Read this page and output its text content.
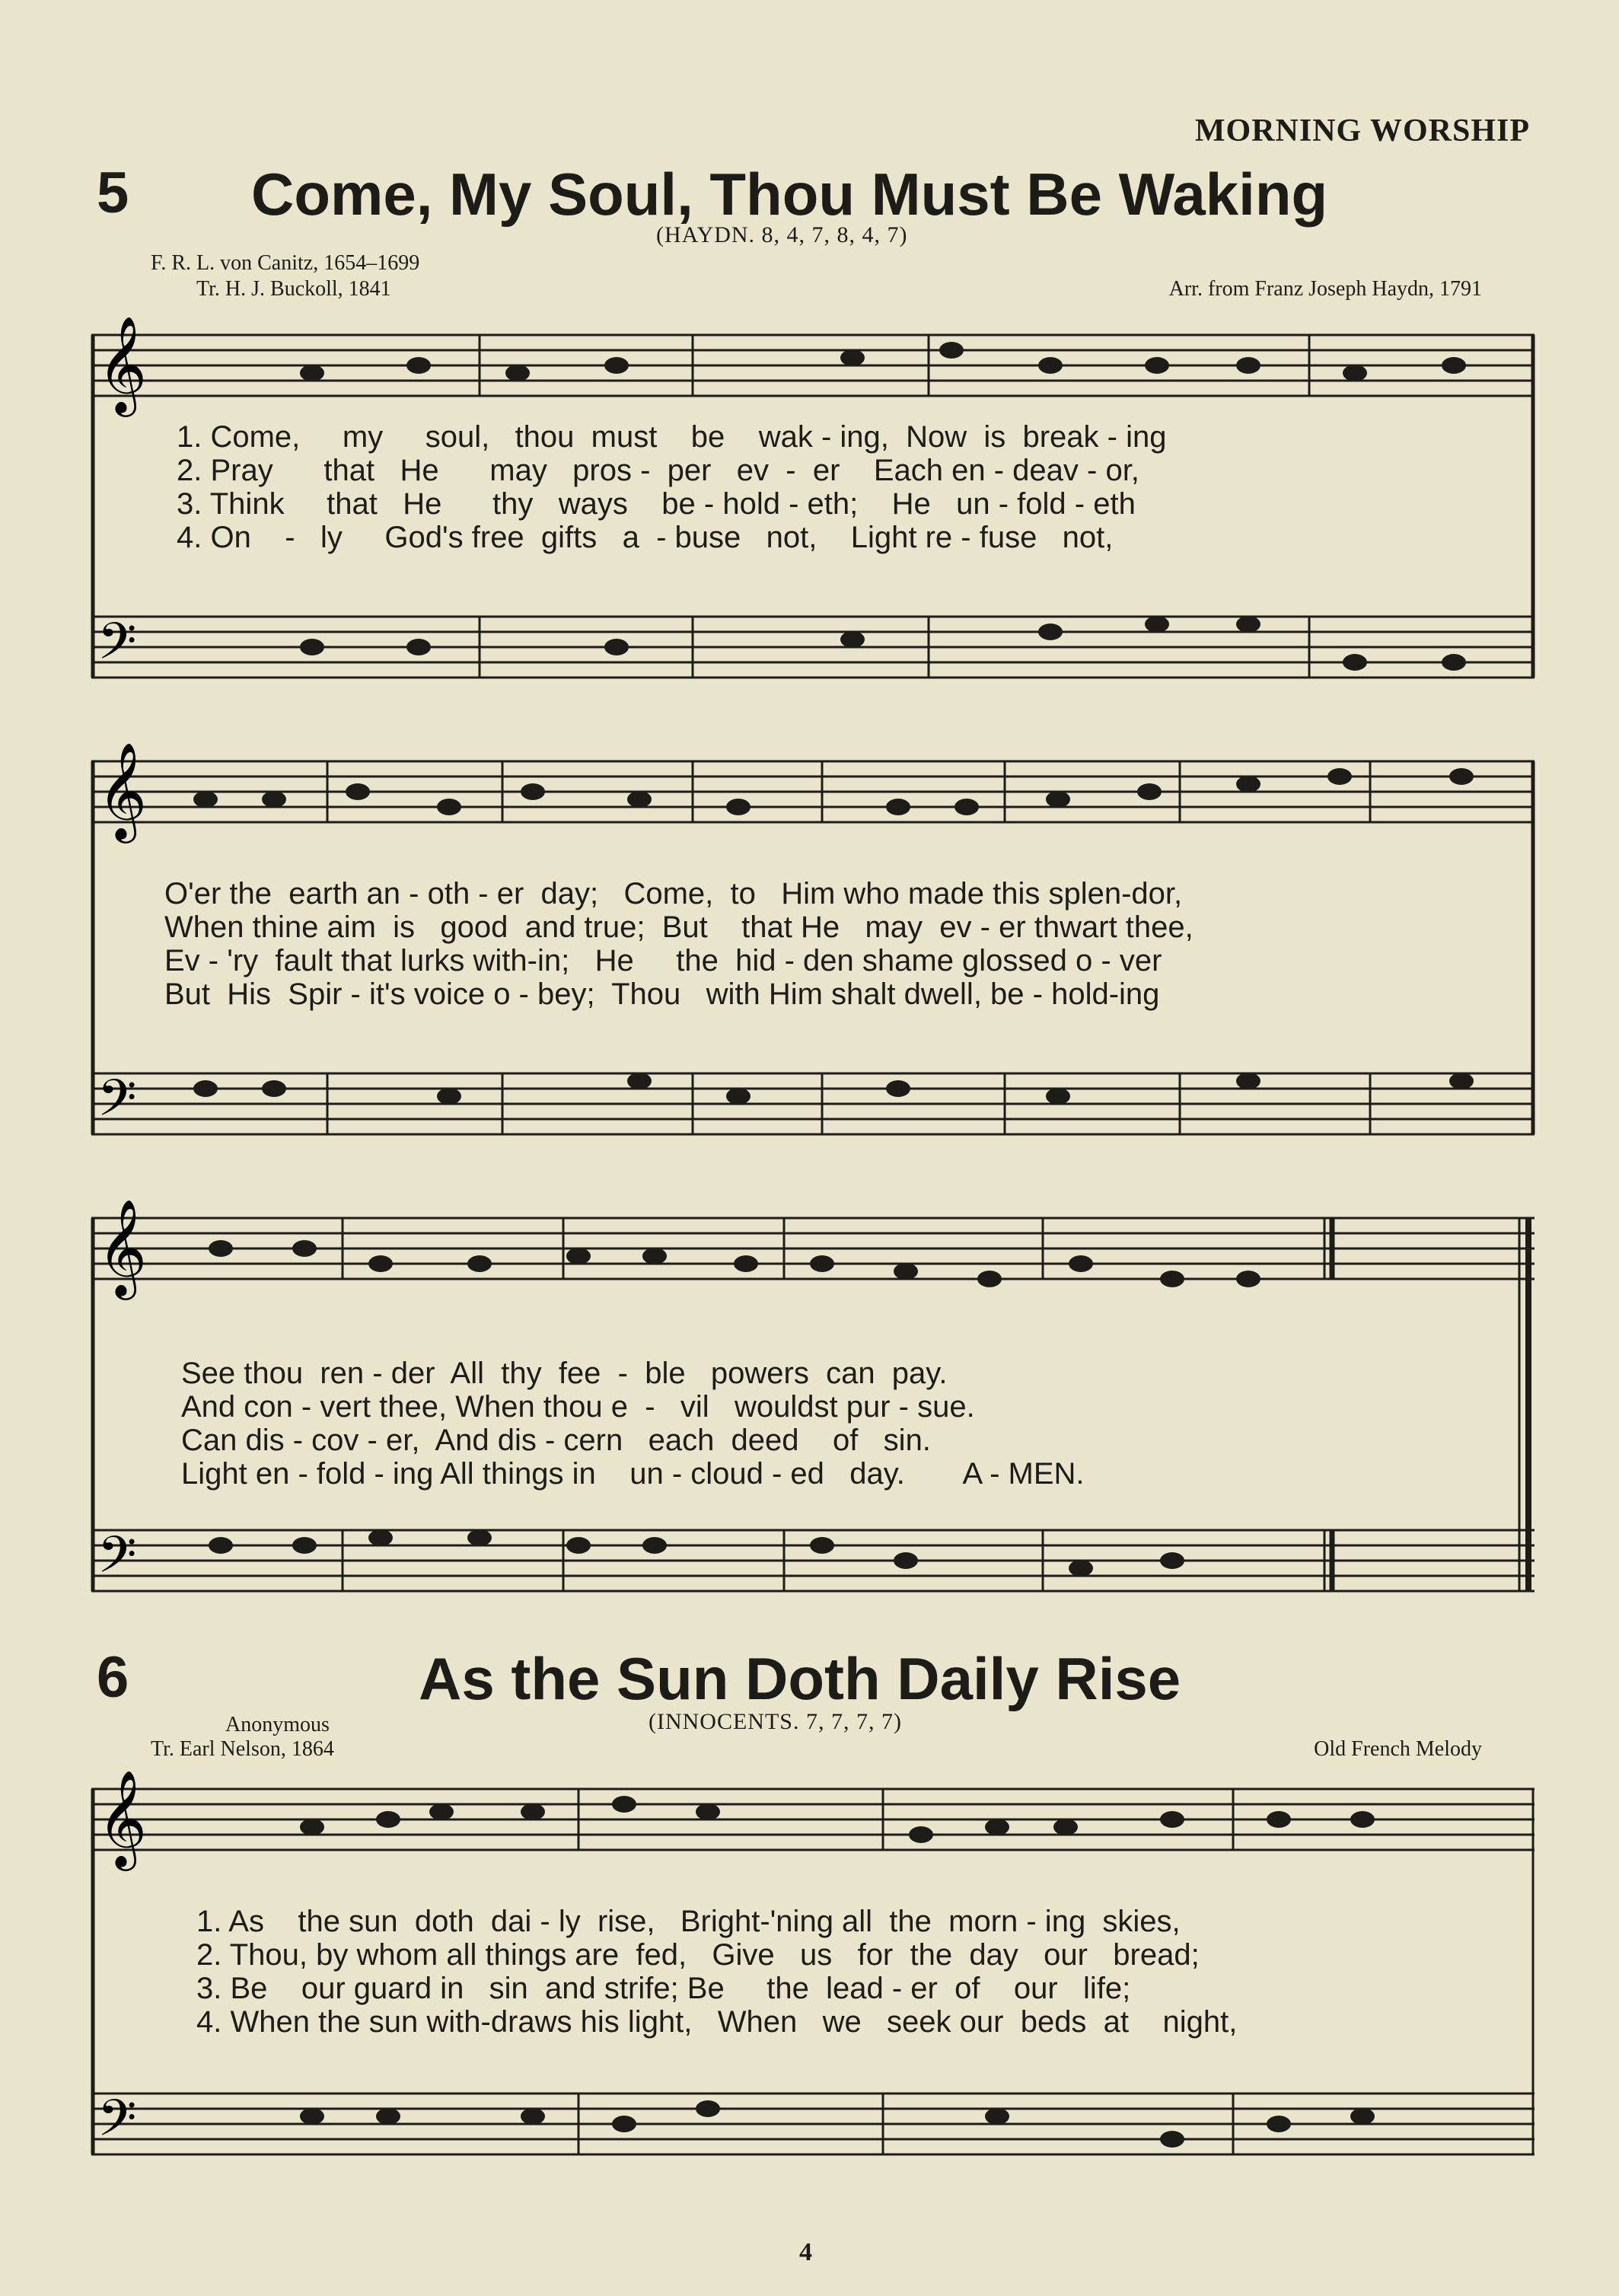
MORNING WORSHIP
5 Come, My Soul, Thou Must Be Waking
(HAYDN. 8, 4, 7, 8, 4, 7)
F. R. L. von Canitz, 1654–1699
Tr. H. J. Buckoll, 1841	Arr. from Franz Joseph Haydn, 1791
𝄞
𝄢
1. Come,     my     soul,   thou  must    be    wak - ing,  Now  is  break - ing
2. Pray      that   He      may   pros -  per   ev  -  er    Each en - deav - or,
3. Think     that   He      thy   ways    be - hold - eth;    He   un - fold - eth
4. On    -   ly     God's free  gifts   a  - buse   not,    Light re - fuse   not,
𝄞
𝄢
O'er the  earth an - oth - er  day;   Come,  to   Him who made this splen-dor,
When thine aim  is   good  and true;  But    that He   may  ev - er thwart thee,
Ev - 'ry  fault that lurks with-in;   He     the  hid - den shame glossed o - ver
But  His  Spir - it's voice o - bey;  Thou   with Him shalt dwell, be - hold-ing
𝄞
𝄢
See thou  ren - der  All  thy  fee  -  ble   powers  can  pay.
And con - vert thee, When thou e  -   vil   wouldst pur - sue.
Can dis - cov - er,  And dis - cern   each  deed    of   sin.
Light en - fold - ing All things in    un - cloud - ed   day.       A - MEN.
6	As the Sun Doth Daily Rise
(INNOCENTS. 7, 7, 7, 7)
Anonymous
Tr. Earl Nelson, 1864	Old French Melody
𝄞
𝄢
1. As    the sun  doth  dai - ly  rise,   Bright-'ning all  the  morn - ing  skies,
2. Thou, by whom all things are  fed,   Give   us   for  the  day   our   bread;
3. Be    our guard in   sin  and strife; Be     the  lead - er  of    our   life;
4. When the sun with-draws his light,   When   we   seek our  beds  at    night,
4
